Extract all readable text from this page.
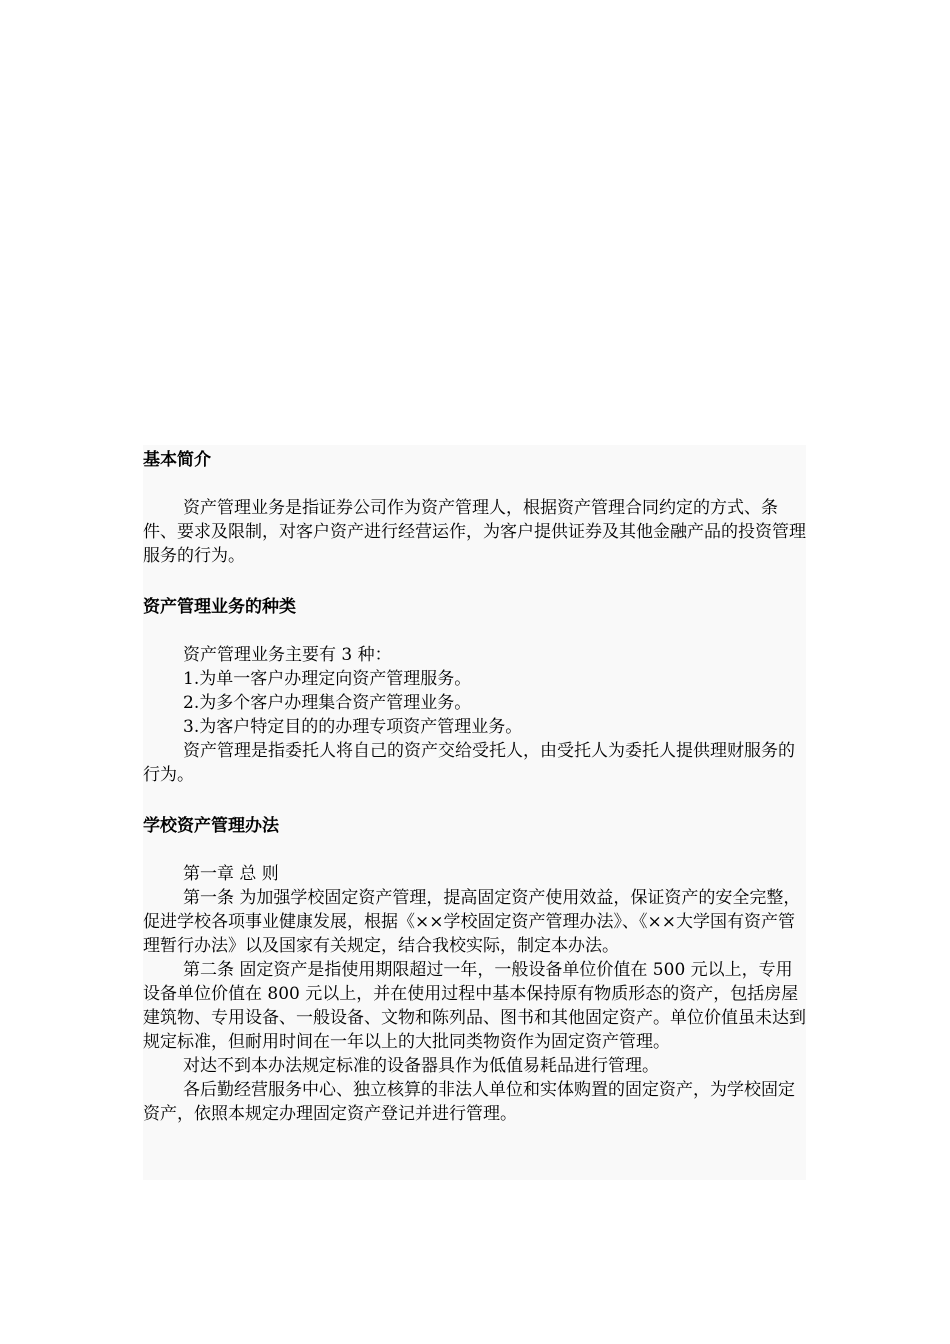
基本简介

资产管理业务是指证券公司作为资产管理人，根据资产管理合同约定的方式、条件、要求及限制，对客户资产进行经营运作，为客户提供证券及其他金融产品的投资管理服务的行为。

资产管理业务的种类

资产管理业务主要有 3 种：

1.为单一客户办理定向资产管理服务。

2.为多个客户办理集合资产管理业务。

3.为客户特定目的的办理专项资产管理业务。

资产管理是指委托人将自己的资产交给受托人，由受托人为委托人提供理财服务的行为。

学校资产管理办法

第一章 总 则

第一条 为加强学校固定资产管理，提高固定资产使用效益，保证资产的安全完整，促进学校各项事业健康发展，根据《××学校固定资产管理办法》、《××大学国有资产管理暂行办法》以及国家有关规定，结合我校实际，制定本办法。

第二条 固定资产是指使用期限超过一年，一般设备单位价值在 500 元以上，专用设备单位价值在 800 元以上，并在使用过程中基本保持原有物质形态的资产，包括房屋建筑物、专用设备、一般设备、文物和陈列品、图书和其他固定资产。单位价值虽未达到规定标准，但耐用时间在一年以上的大批同类物资作为固定资产管理。

对达不到本办法规定标准的设备器具作为低值易耗品进行管理。

各后勤经营服务中心、独立核算的非法人单位和实体购置的固定资产，为学校固定资产，依照本规定办理固定资产登记并进行管理。
